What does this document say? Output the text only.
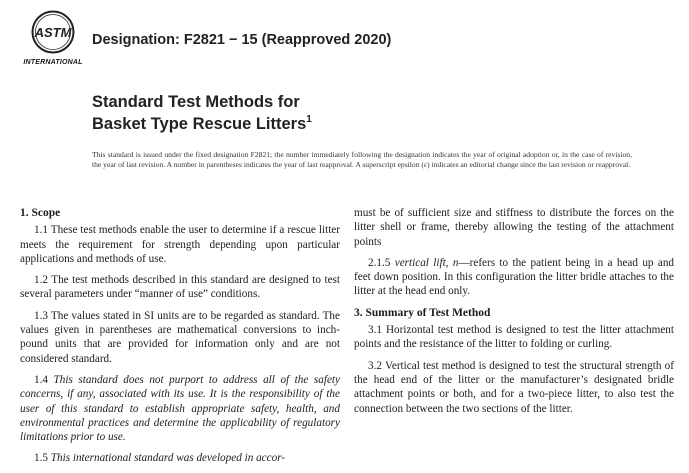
ASTM
INTERNATIONAL
Designation: F2821 − 15 (Reapproved 2020)
Standard Test Methods for
Basket Type Rescue Litters$^1$
This standard is issued under the fixed designation F2821; the number immediately following the designation indicates the year of original adoption or, in the case of revision, the year of last revision. A number in parentheses indicates the year of last reapproval. A superscript epsilon (ε) indicates an editorial change since the last revision or reapproval.
1. Scope
1.1 These test methods enable the user to determine if a rescue litter meets the requirement for strength depending upon particular applications and methods of use.
1.2 The test methods described in this standard are designed to test several parameters under “manner of use” conditions.
1.3 The values stated in SI units are to be regarded as standard. The values given in parentheses are mathematical conversions to inch-pound units that are provided for information only and are not considered standard.
1.4 This standard does not purport to address all of the safety concerns, if any, associated with its use. It is the responsibility of the user of this standard to establish appropriate safety, health, and environmental practices and determine the applicability of regulatory limitations prior to use.
1.5 This international standard was developed in accor-
must be of sufficient size and stiffness to distribute the forces on the litter shell or frame, thereby allowing the testing of the attachment points
2.1.5 vertical lift, n—refers to the patient being in a head up and feet down position. In this configuration the litter bridle attaches to the litter at the head end only.
3. Summary of Test Method
3.1 Horizontal test method is designed to test the litter attachment points and the resistance of the litter to folding or curling.
3.2 Vertical test method is designed to test the structural strength of the head end of the litter or the manufacturer’s designated bridle attachment points or both, and for a two-piece litter, to also test the connection between the two sections of the litter.
